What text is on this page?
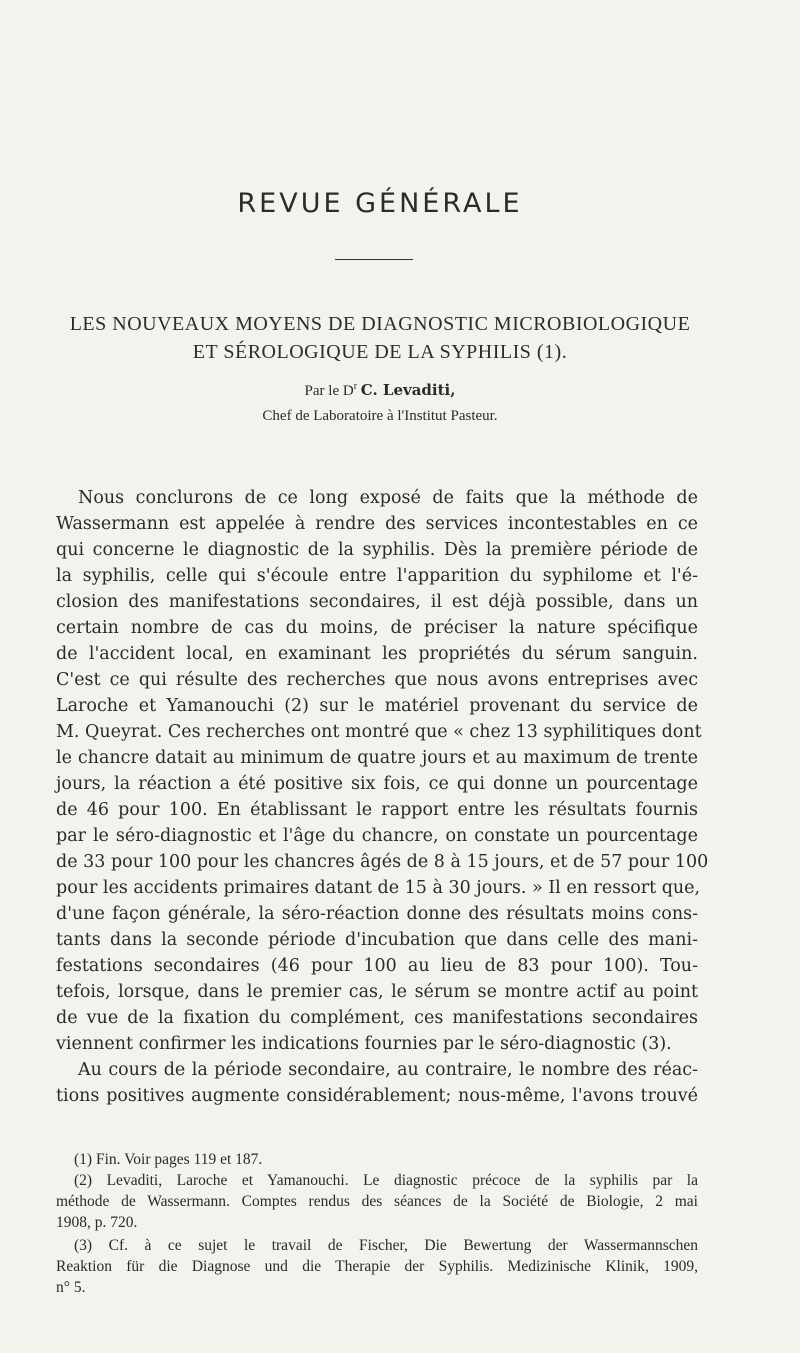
REVUE GÉNÉRALE
LES NOUVEAUX MOYENS DE DIAGNOSTIC MICROBIOLOGIQUE
ET SÉROLOGIQUE DE LA SYPHILIS (1).
Par le $D^r$ C. Levaditi,
Chef de Laboratoire à l'Institut Pasteur.
Nous conclurons de ce long exposé de faits que la méthode de
Wassermann est appelée à rendre des services incontestables en ce
qui concerne le diagnostic de la syphilis. Dès la première période de
la syphilis, celle qui s'écoule entre l'apparition du syphilome et l'é-
closion des manifestations secondaires, il est déjà possible, dans un
certain nombre de cas du moins, de préciser la nature spécifique
de l'accident local, en examinant les propriétés du sérum sanguin.
C'est ce qui résulte des recherches que nous avons entreprises avec
Laroche et Yamanouchi (2) sur le matériel provenant du service de
M. Queyrat. Ces recherches ont montré que « chez 13 syphilitiques dont
le chancre datait au minimum de quatre jours et au maximum de trente
jours, la réaction a été positive six fois, ce qui donne un pourcentage
de 46 pour 100. En établissant le rapport entre les résultats fournis
par le séro-diagnostic et l'âge du chancre, on constate un pourcentage
de 33 pour 100 pour les chancres âgés de 8 à 15 jours, et de 57 pour 100
pour les accidents primaires datant de 15 à 30 jours. » Il en ressort que,
d'une façon générale, la séro-réaction donne des résultats moins cons-
tants dans la seconde période d'incubation que dans celle des mani-
festations secondaires (46 pour 100 au lieu de 83 pour 100). Tou-
tefois, lorsque, dans le premier cas, le sérum se montre actif au point
de vue de la fixation du complément, ces manifestations secondaires
viennent confirmer les indications fournies par le séro-diagnostic (3).
Au cours de la période secondaire, au contraire, le nombre des réac-
tions positives augmente considérablement; nous-même, l'avons trouvé
(1) Fin. Voir pages 119 et 187.
(2) Levaditi, Laroche et Yamanouchi. Le diagnostic précoce de la syphilis par la
méthode de Wassermann. Comptes rendus des séances de la Société de Biologie, 2 mai
1908, p. 720.
(3) Cf. à ce sujet le travail de Fischer, Die Bewertung der Wassermannschen
Reaktion für die Diagnose und die Therapie der Syphilis. Medizinische Klinik, 1909,
n° 5.
